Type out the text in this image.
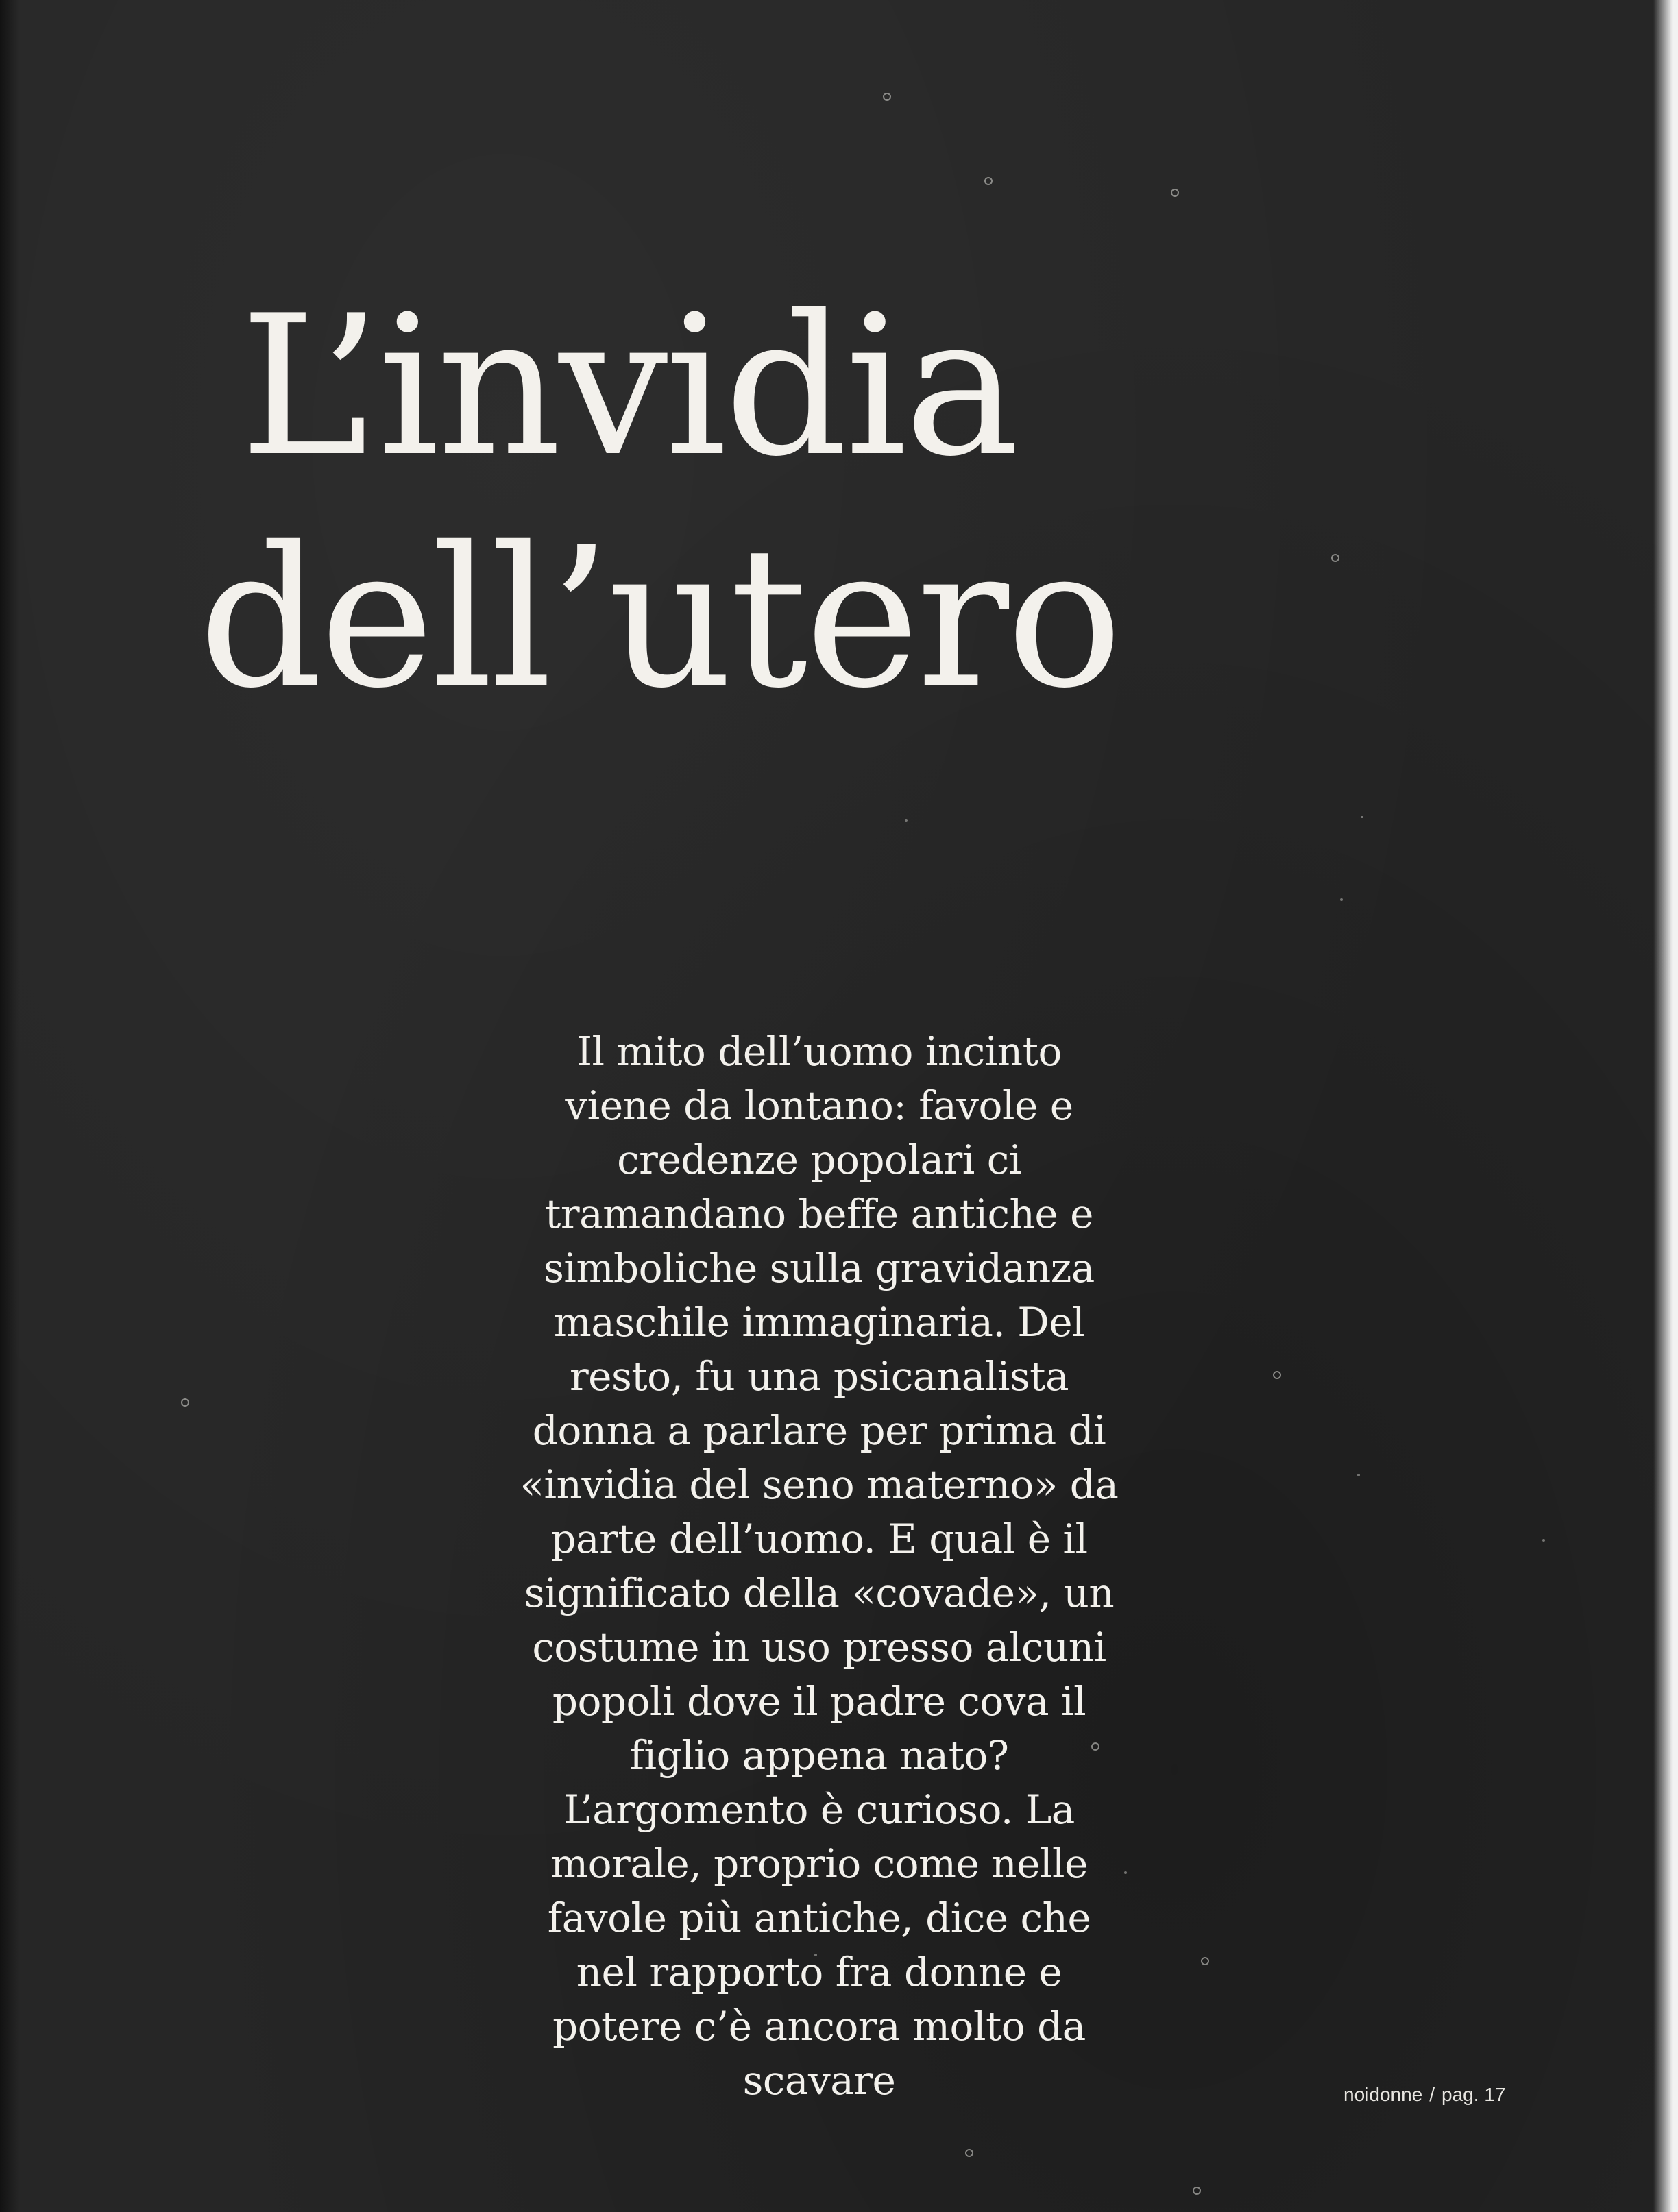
L’invidia
dell’utero

Il mito dell’uomo incinto
viene da lontano: favole e
credenze popolari ci
tramandano beffe antiche e
simboliche sulla gravidanza
maschile immaginaria. Del
resto, fu una psicanalista
donna a parlare per prima di
«invidia del seno materno» da
parte dell’uomo. E qual è il
significato della «covade», un
costume in uso presso alcuni
popoli dove il padre cova il
figlio appena nato?
L’argomento è curioso. La
morale, proprio come nelle
favole più antiche, dice che
nel rapporto fra donne e
potere c’è ancora molto da
scavare	noidonne / pag. 17
